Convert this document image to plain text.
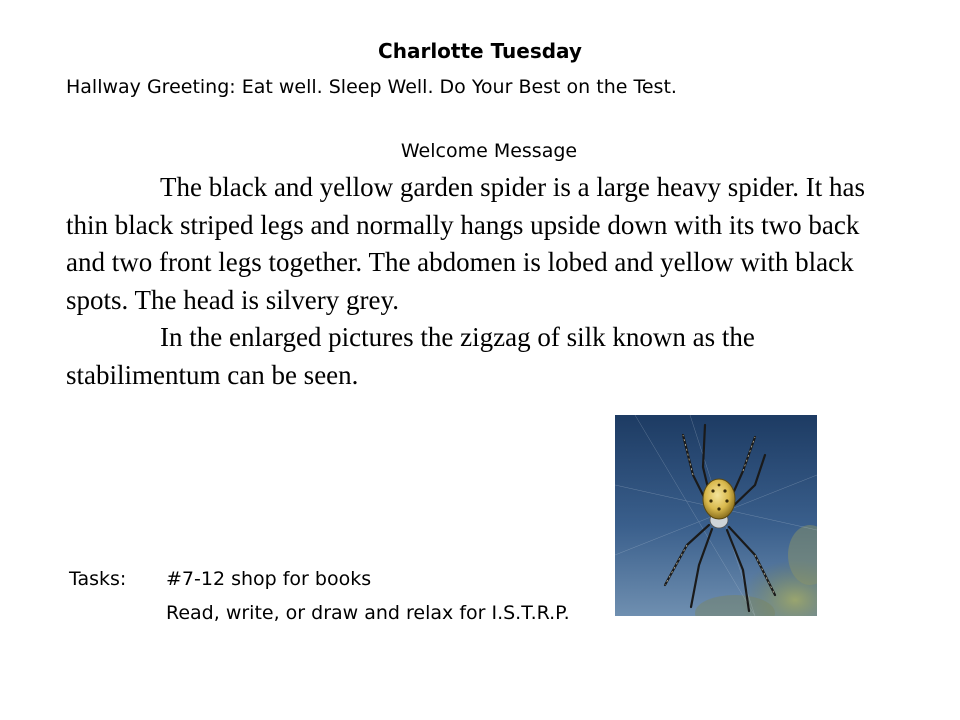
Charlotte Tuesday
Hallway Greeting: Eat well. Sleep Well. Do Your Best on the Test.
Welcome Message

The black and yellow garden spider is a large heavy spider. It has thin black striped legs and normally hangs upside down with its two back and two front legs together. The abdomen is lobed and yellow with black spots. The head is silvery grey.

In the enlarged pictures the zigzag of silk known as the stabilimentum can be seen.

Tasks: #7-12 shop for books
Read, write, or draw and relax for I.S.T.R.P.
